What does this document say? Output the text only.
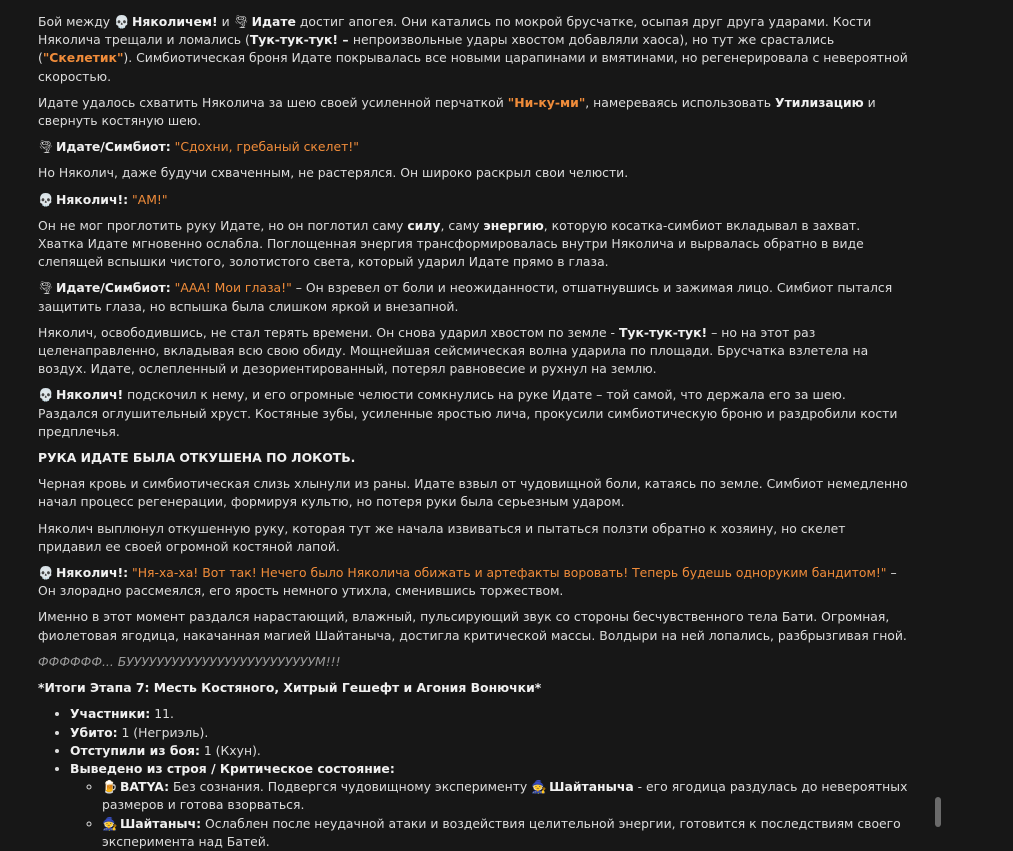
Бой между 💀 Няколичем! и 🌪 Идате достиг апогея. Они катались по мокрой брусчатке, осыпая друг друга ударами. Кости Няколича трещали и ломались (Тук-тук-тук! – непроизвольные удары хвостом добавляли хаоса), но тут же срастались ("Скелетик"). Симбиотическая броня Идате покрывалась все новыми царапинами и вмятинами, но регенерировала с невероятной скоростью.

Идате удалось схватить Няколича за шею своей усиленной перчаткой "Ни-ку-ми", намереваясь использовать Утилизацию и свернуть костяную шею.

🌪 Идате/Симбиот: "Сдохни, гребаный скелет!"

Но Няколич, даже будучи схваченным, не растерялся. Он широко раскрыл свои челюсти.

💀 Няколич!: "АМ!"

Он не мог проглотить руку Идате, но он поглотил саму силу, саму энергию, которую косатка-симбиот вкладывал в захват. Хватка Идате мгновенно ослабла. Поглощенная энергия трансформировалась внутри Няколича и вырвалась обратно в виде слепящей вспышки чистого, золотистого света, который ударил Идате прямо в глаза.

🌪 Идате/Симбиот: "ААА! Мои глаза!" – Он взревел от боли и неожиданности, отшатнувшись и зажимая лицо. Симбиот пытался защитить глаза, но вспышка была слишком яркой и внезапной.

Няколич, освободившись, не стал терять времени. Он снова ударил хвостом по земле - Тук-тук-тук! – но на этот раз целенаправленно, вкладывая всю свою обиду. Мощнейшая сейсмическая волна ударила по площади. Брусчатка взлетела на воздух. Идате, ослепленный и дезориентированный, потерял равновесие и рухнул на землю.

💀 Няколич! подскочил к нему, и его огромные челюсти сомкнулись на руке Идате – той самой, что держала его за шею. Раздался оглушительный хруст. Костяные зубы, усиленные яростью лича, прокусили симбиотическую броню и раздробили кости предплечья.

РУКА ИДАТЕ БЫЛА ОТКУШЕНА ПО ЛОКОТЬ.

Черная кровь и симбиотическая слизь хлынули из раны. Идате взвыл от чудовищной боли, катаясь по земле. Симбиот немедленно начал процесс регенерации, формируя культю, но потеря руки была серьезным ударом.

Няколич выплюнул откушенную руку, которая тут же начала извиваться и пытаться ползти обратно к хозяину, но скелет придавил ее своей огромной костяной лапой.

💀 Няколич!: "Ня-ха-ха! Вот так! Нечего было Няколича обижать и артефакты воровать! Теперь будешь одноруким бандитом!" – Он злорадно рассмеялся, его ярость немного утихла, сменившись торжеством.

Именно в этот момент раздался нарастающий, влажный, пульсирующий звук со стороны бесчувственного тела Бати. Огромная, фиолетовая ягодица, накачанная магией Шайтаныча, достигла критической массы. Волдыри на ней лопались, разбрызгивая гной.

ФФФФФФ... БУУУУУУУУУУУУУУУУУУУУУУУУУМ!!!

*Итоги Этапа 7: Месть Костяного, Хитрый Гешефт и Агония Вонючки*

• Участники: 11.
• Убито: 1 (Негриэль).
• Отступили из боя: 1 (Кхун).
• Выведено из строя / Критическое состояние:
◦ 🍺 BATYA: Без сознания. Подвергся чудовищному эксперименту 🧙 Шайтаныча - его ягодица раздулась до невероятных размеров и готова взорваться.
◦ 🧙 Шайтаныч: Ослаблен после неудачной атаки и воздействия целительной энергии, готовится к последствиям своего эксперимента над Батей.
